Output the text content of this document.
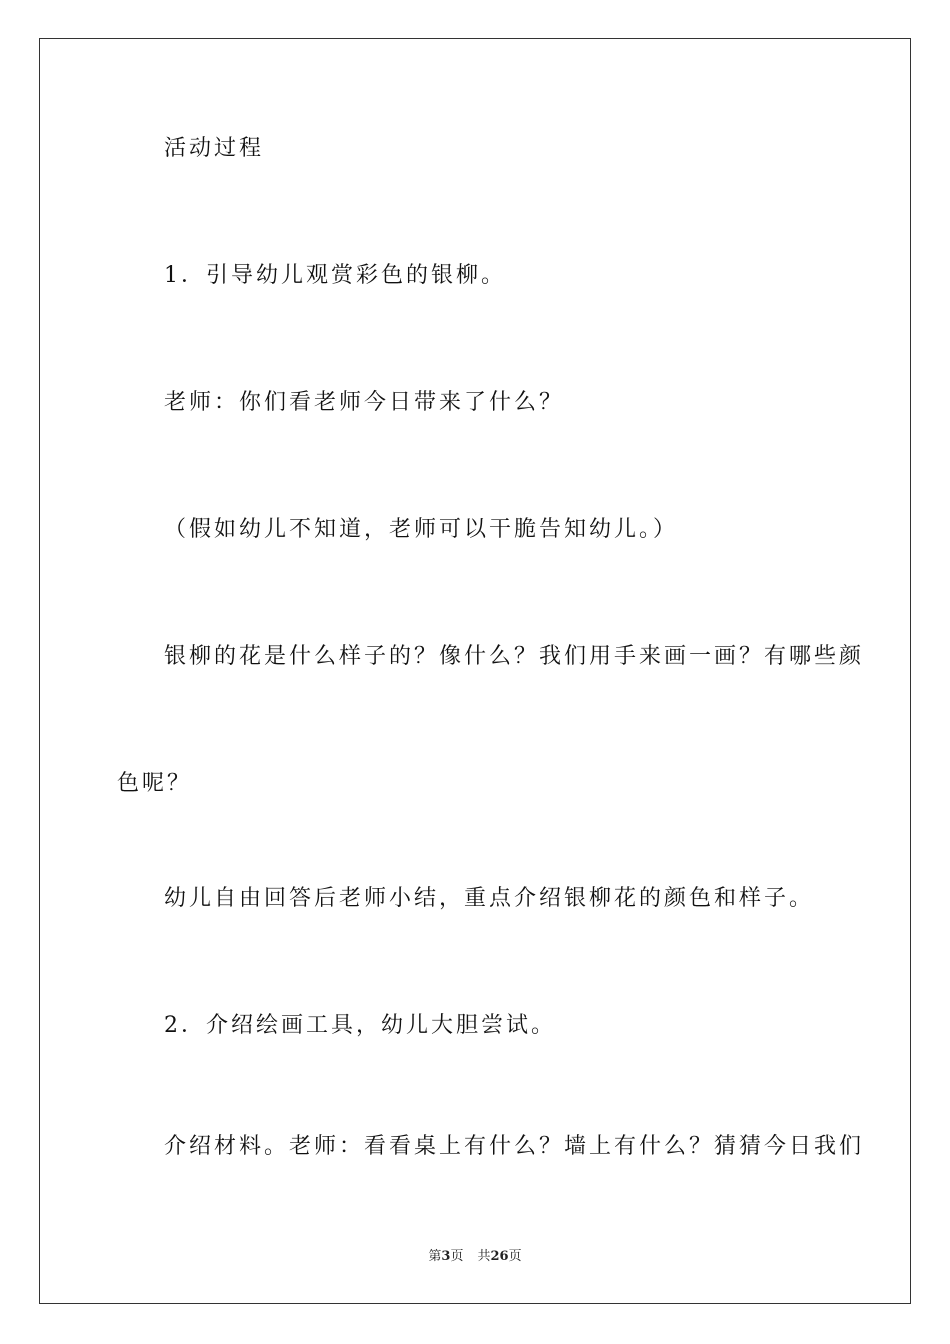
活动过程
1．引导幼儿观赏彩色的银柳。
老师：你们看老师今日带来了什么？
（假如幼儿不知道，老师可以干脆告知幼儿。）
银柳的花是什么样子的？像什么？我们用手来画一画？有哪些颜
色呢？
幼儿自由回答后老师小结，重点介绍银柳花的颜色和样子。
2．介绍绘画工具，幼儿大胆尝试。
介绍材料。老师：看看桌上有什么？墙上有什么？猜猜今日我们
第3页 共26页
